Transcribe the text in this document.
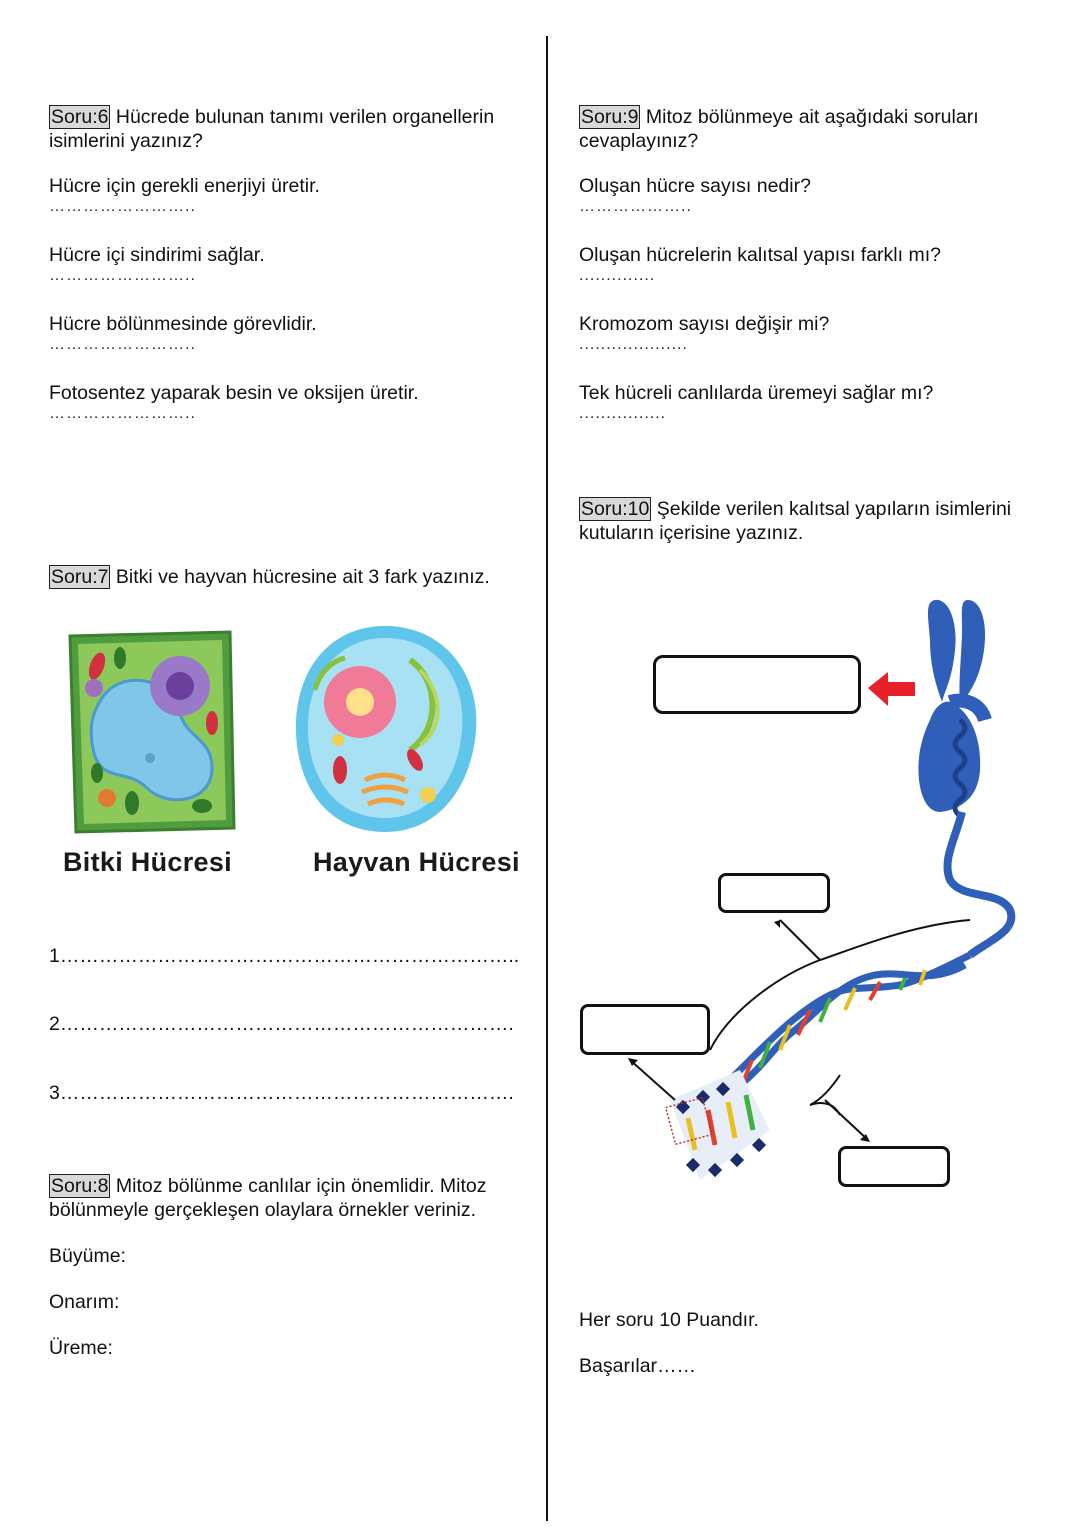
Soru:6 Hücrede bulunan tanımı verilen organellerin isimlerini yazınız?
Hücre için gerekli enerjiyi üretir.
……………………..
Hücre içi sindirimi sağlar.
……………………..
Hücre bölünmesinde görevlidir.
……………………..
Fotosentez yaparak besin ve oksijen üretir.
……………………..
Soru:7 Bitki ve hayvan hücresine ait 3 fark yazınız.
Bitki Hücresi	Hayvan Hücresi
1……………………………………………………………..
2…………………………………………………………….
3…………………………………………………………….
Soru:8 Mitoz bölünme canlılar için önemlidir. Mitoz bölünmeyle gerçekleşen olaylara örnekler veriniz.
Büyüme:
Onarım:
Üreme:
Soru:9 Mitoz bölünmeye ait aşağıdaki soruları cevaplayınız?
Oluşan hücre sayısı nedir?
………………..
Oluşan hücrelerin kalıtsal yapısı farklı mı?
..............
Kromozom sayısı değişir mi?
....................
Tek hücreli canlılarda üremeyi sağlar mı?
................
Soru:10 Şekilde verilen kalıtsal yapıların isimlerini kutuların içerisine yazınız.
Her soru 10 Puandır.
Başarılar……
